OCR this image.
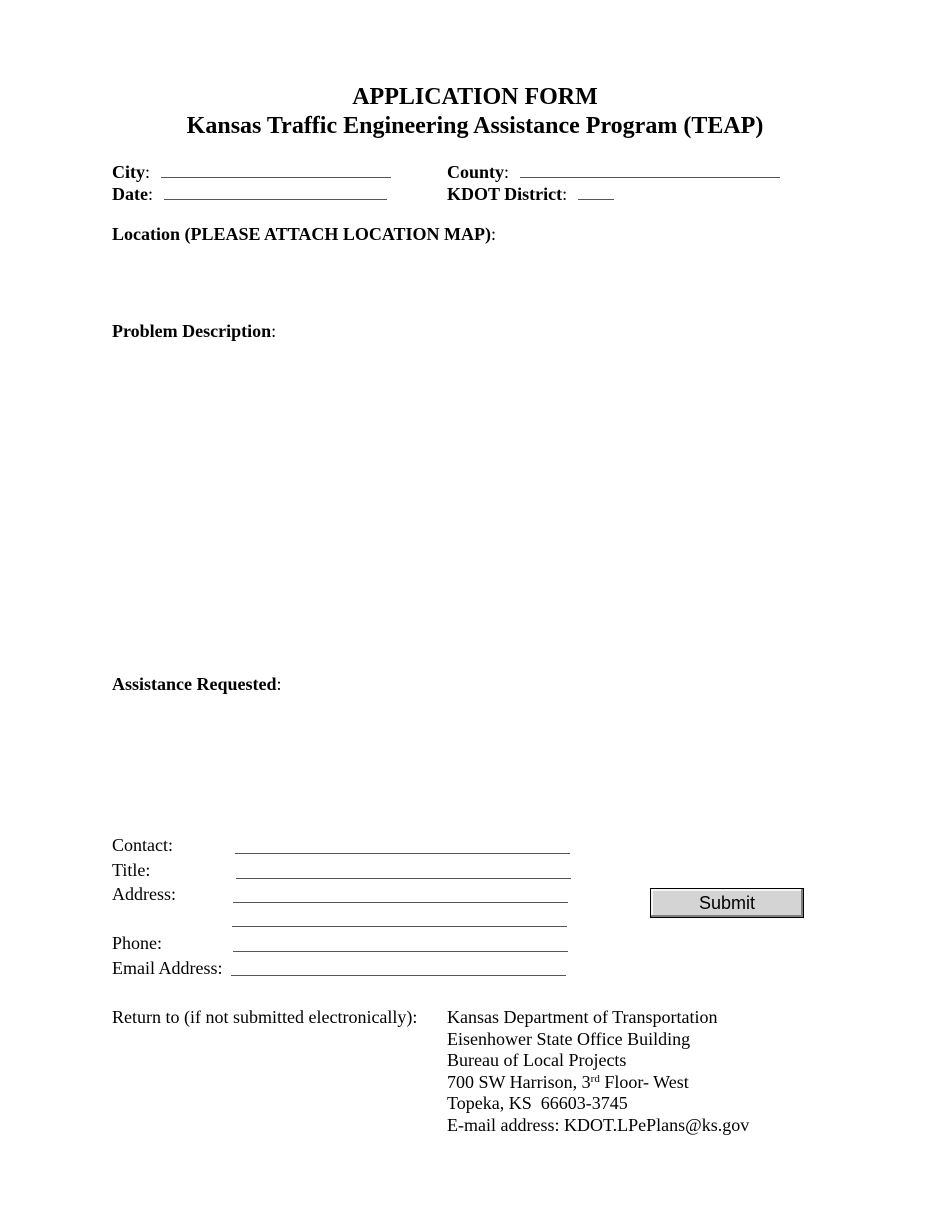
APPLICATION FORM
Kansas Traffic Engineering Assistance Program (TEAP)
City:	County:
Date:	KDOT District:
Location (PLEASE ATTACH LOCATION MAP):
Problem Description:
Assistance Requested:
Contact:
Title:
Address:
Phone:
Email Address:
Submit
Return to (if not submitted electronically): Kansas Department of Transportation
Eisenhower State Office Building
Bureau of Local Projects
700 SW Harrison, 3rd Floor- West
Topeka, KS  66603-3745
E-mail address: KDOT.LPePlans@ks.gov
